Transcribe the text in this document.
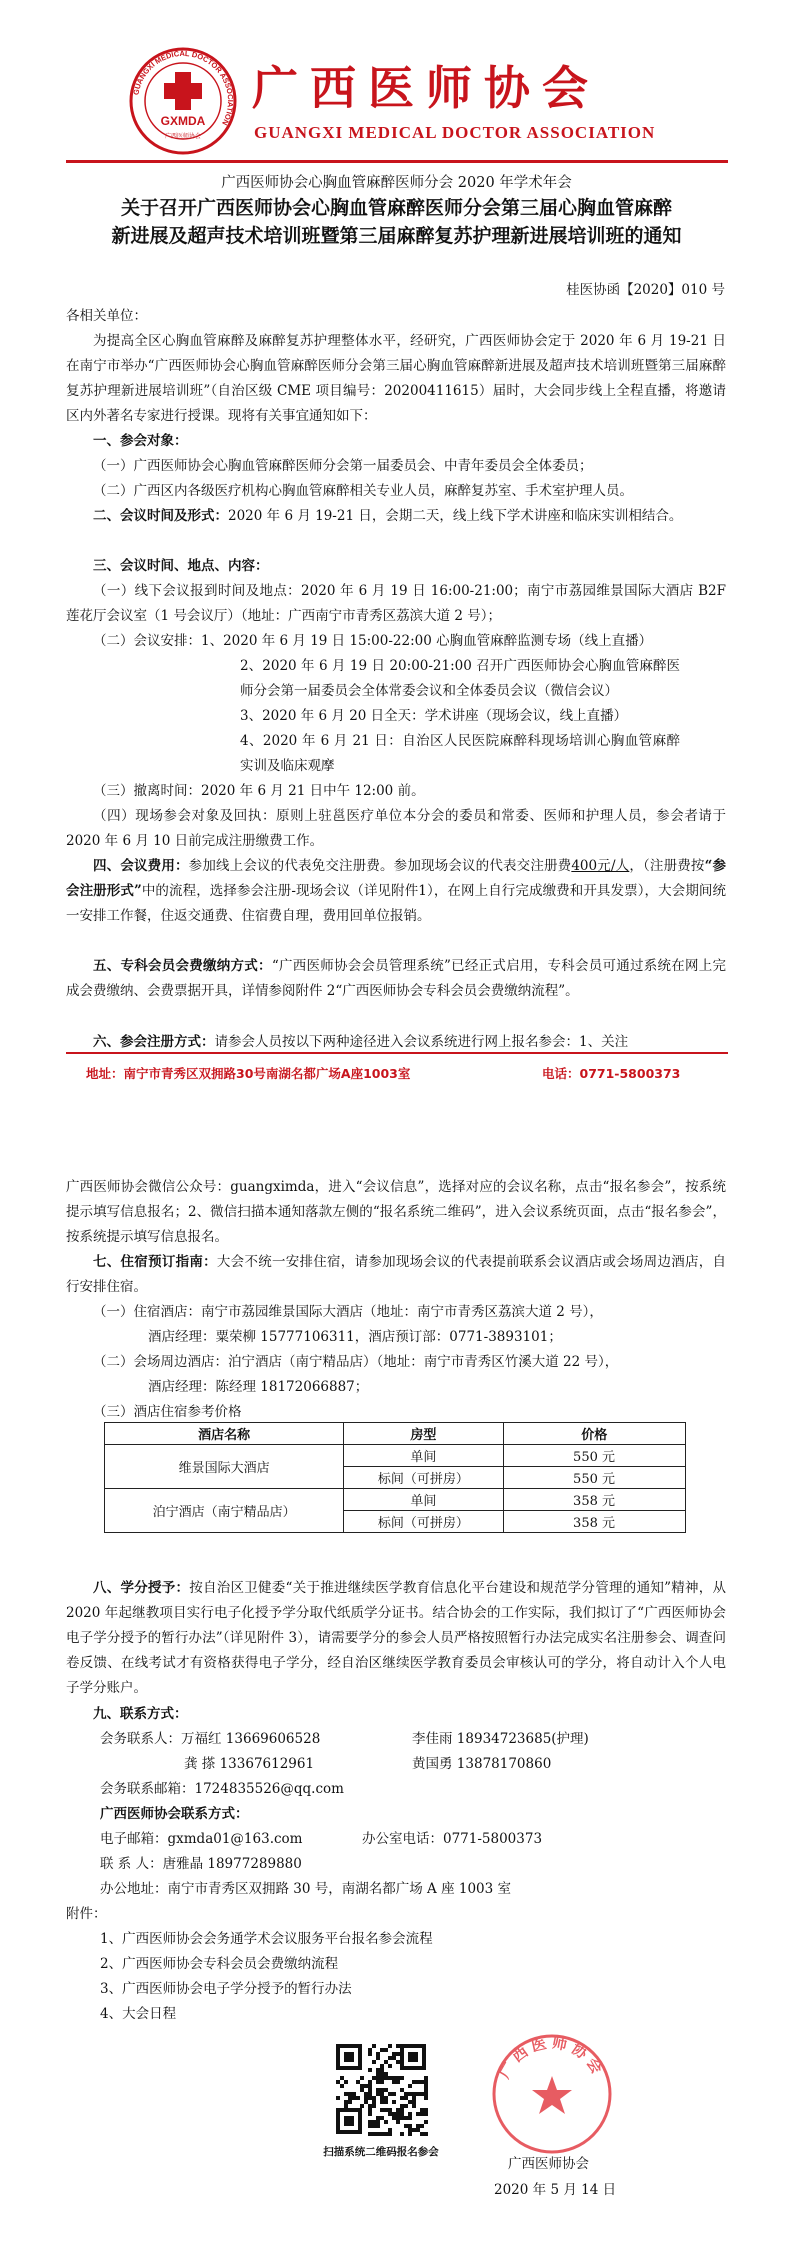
GUANGXI MEDICAL DOCTOR ASSOCIATION
GXMDA
广西医师协会
广西医师协会
GUANGXI MEDICAL DOCTOR ASSOCIATION
广西医师协会心胸血管麻醉医师分会 2020 年学术年会
关于召开广西医师协会心胸血管麻醉医师分会第三届心胸血管麻醉
新进展及超声技术培训班暨第三届麻醉复苏护理新进展培训班的通知
桂医协函【2020】010 号
各相关单位：
为提高全区心胸血管麻醉及麻醉复苏护理整体水平，经研究，广西医师协会定于 2020 年 6 月 19-21 日在南宁市举办“广西医师协会心胸血管麻醉医师分会第三届心胸血管麻醉新进展及超声技术培训班暨第三届麻醉复苏护理新进展培训班”（自治区级 CME 项目编号：20200411615）届时，大会同步线上全程直播，将邀请区内外著名专家进行授课。现将有关事宜通知如下：
一、参会对象：
（一）广西医师协会心胸血管麻醉医师分会第一届委员会、中青年委员会全体委员；
（二）广西区内各级医疗机构心胸血管麻醉相关专业人员，麻醉复苏室、手术室护理人员。
二、会议时间及形式：2020 年 6 月 19-21 日，会期二天，线上线下学术讲座和临床实训相结合。
三、会议时间、地点、内容：
（一）线下会议报到时间及地点：2020 年 6 月 19 日 16:00-21:00；南宁市荔园维景国际大酒店 B2F 莲花厅会议室（1 号会议厅）（地址：广西南宁市青秀区荔滨大道 2 号）；
（二）会议安排：1、2020 年 6 月 19 日 15:00-22:00 心胸血管麻醉监测专场（线上直播）
2、2020 年 6 月 19 日 20:00-21:00 召开广西医师协会心胸血管麻醉医师分会第一届委员会全体常委会议和全体委员会议（微信会议）
3、2020 年 6 月 20 日全天：学术讲座（现场会议，线上直播）
4、2020 年 6 月 21 日：自治区人民医院麻醉科现场培训心胸血管麻醉实训及临床观摩
（三）撤离时间：2020 年 6 月 21 日中午 12:00 前。
（四）现场参会对象及回执：原则上驻邕医疗单位本分会的委员和常委、医师和护理人员，参会者请于 2020 年 6 月 10 日前完成注册缴费工作。
四、会议费用：参加线上会议的代表免交注册费。参加现场会议的代表交注册费400元/人，（注册费按“参会注册形式”中的流程，选择参会注册-现场会议（详见附件1），在网上自行完成缴费和开具发票），大会期间统一安排工作餐，住返交通费、住宿费自理，费用回单位报销。
五、专科会员会费缴纳方式：“广西医师协会会员管理系统”已经正式启用，专科会员可通过系统在网上完成会费缴纳、会费票据开具，详情参阅附件 2“广西医师协会专科会员会费缴纳流程”。
六、参会注册方式：请参会人员按以下两种途径进入会议系统进行网上报名参会：1、关注
地址：南宁市青秀区双拥路30号南湖名都广场A座1003室	电话：0771-5800373
广西医师协会微信公众号：guangximda，进入“会议信息”，选择对应的会议名称，点击“报名参会”，按系统提示填写信息报名；2、微信扫描本通知落款左侧的“报名系统二维码”，进入会议系统页面，点击“报名参会”，按系统提示填写信息报名。
七、住宿预订指南：大会不统一安排住宿，请参加现场会议的代表提前联系会议酒店或会场周边酒店，自行安排住宿。
（一）住宿酒店：南宁市荔园维景国际大酒店（地址：南宁市青秀区荔滨大道 2 号），
酒店经理：粟荣柳 15777106311，酒店预订部：0771-3893101；
（二）会场周边酒店：泊宁酒店（南宁精品店）（地址：南宁市青秀区竹溪大道 22 号），
酒店经理：陈经理 18172066887；
（三）酒店住宿参考价格
酒店名称	房型	价格
维景国际大酒店	单间	550 元
	标间（可拼房）	550 元
泊宁酒店（南宁精品店）	单间	358 元
	标间（可拼房）	358 元
八、学分授予：按自治区卫健委“关于推进继续医学教育信息化平台建设和规范学分管理的通知”精神，从 2020 年起继教项目实行电子化授予学分取代纸质学分证书。结合协会的工作实际，我们拟订了“广西医师协会电子学分授予的暂行办法”（详见附件 3），请需要学分的参会人员严格按照暂行办法完成实名注册参会、调查问卷反馈、在线考试才有资格获得电子学分，经自治区继续医学教育委员会审核认可的学分，将自动计入个人电子学分账户。
九、联系方式：
会务联系人：万福红 13669606528	李佳雨 18934723685(护理)
龚 搽 13367612961	黄国勇 13878170860
会务联系邮箱：1724835526@qq.com
广西医师协会联系方式：
电子邮箱：gxmda01@163.com	办公室电话：0771-5800373
联 系 人：唐雅晶 18977289880
办公地址：南宁市青秀区双拥路 30 号，南湖名都广场 A 座 1003 室
附件：
1、广西医师协会会务通学术会议服务平台报名参会流程
2、广西医师协会专科会员会费缴纳流程
3、广西医师协会电子学分授予的暂行办法
4、大会日程
扫描系统二维码报名参会
广西医师协会
广西医师协会
2020 年 5 月 14 日
